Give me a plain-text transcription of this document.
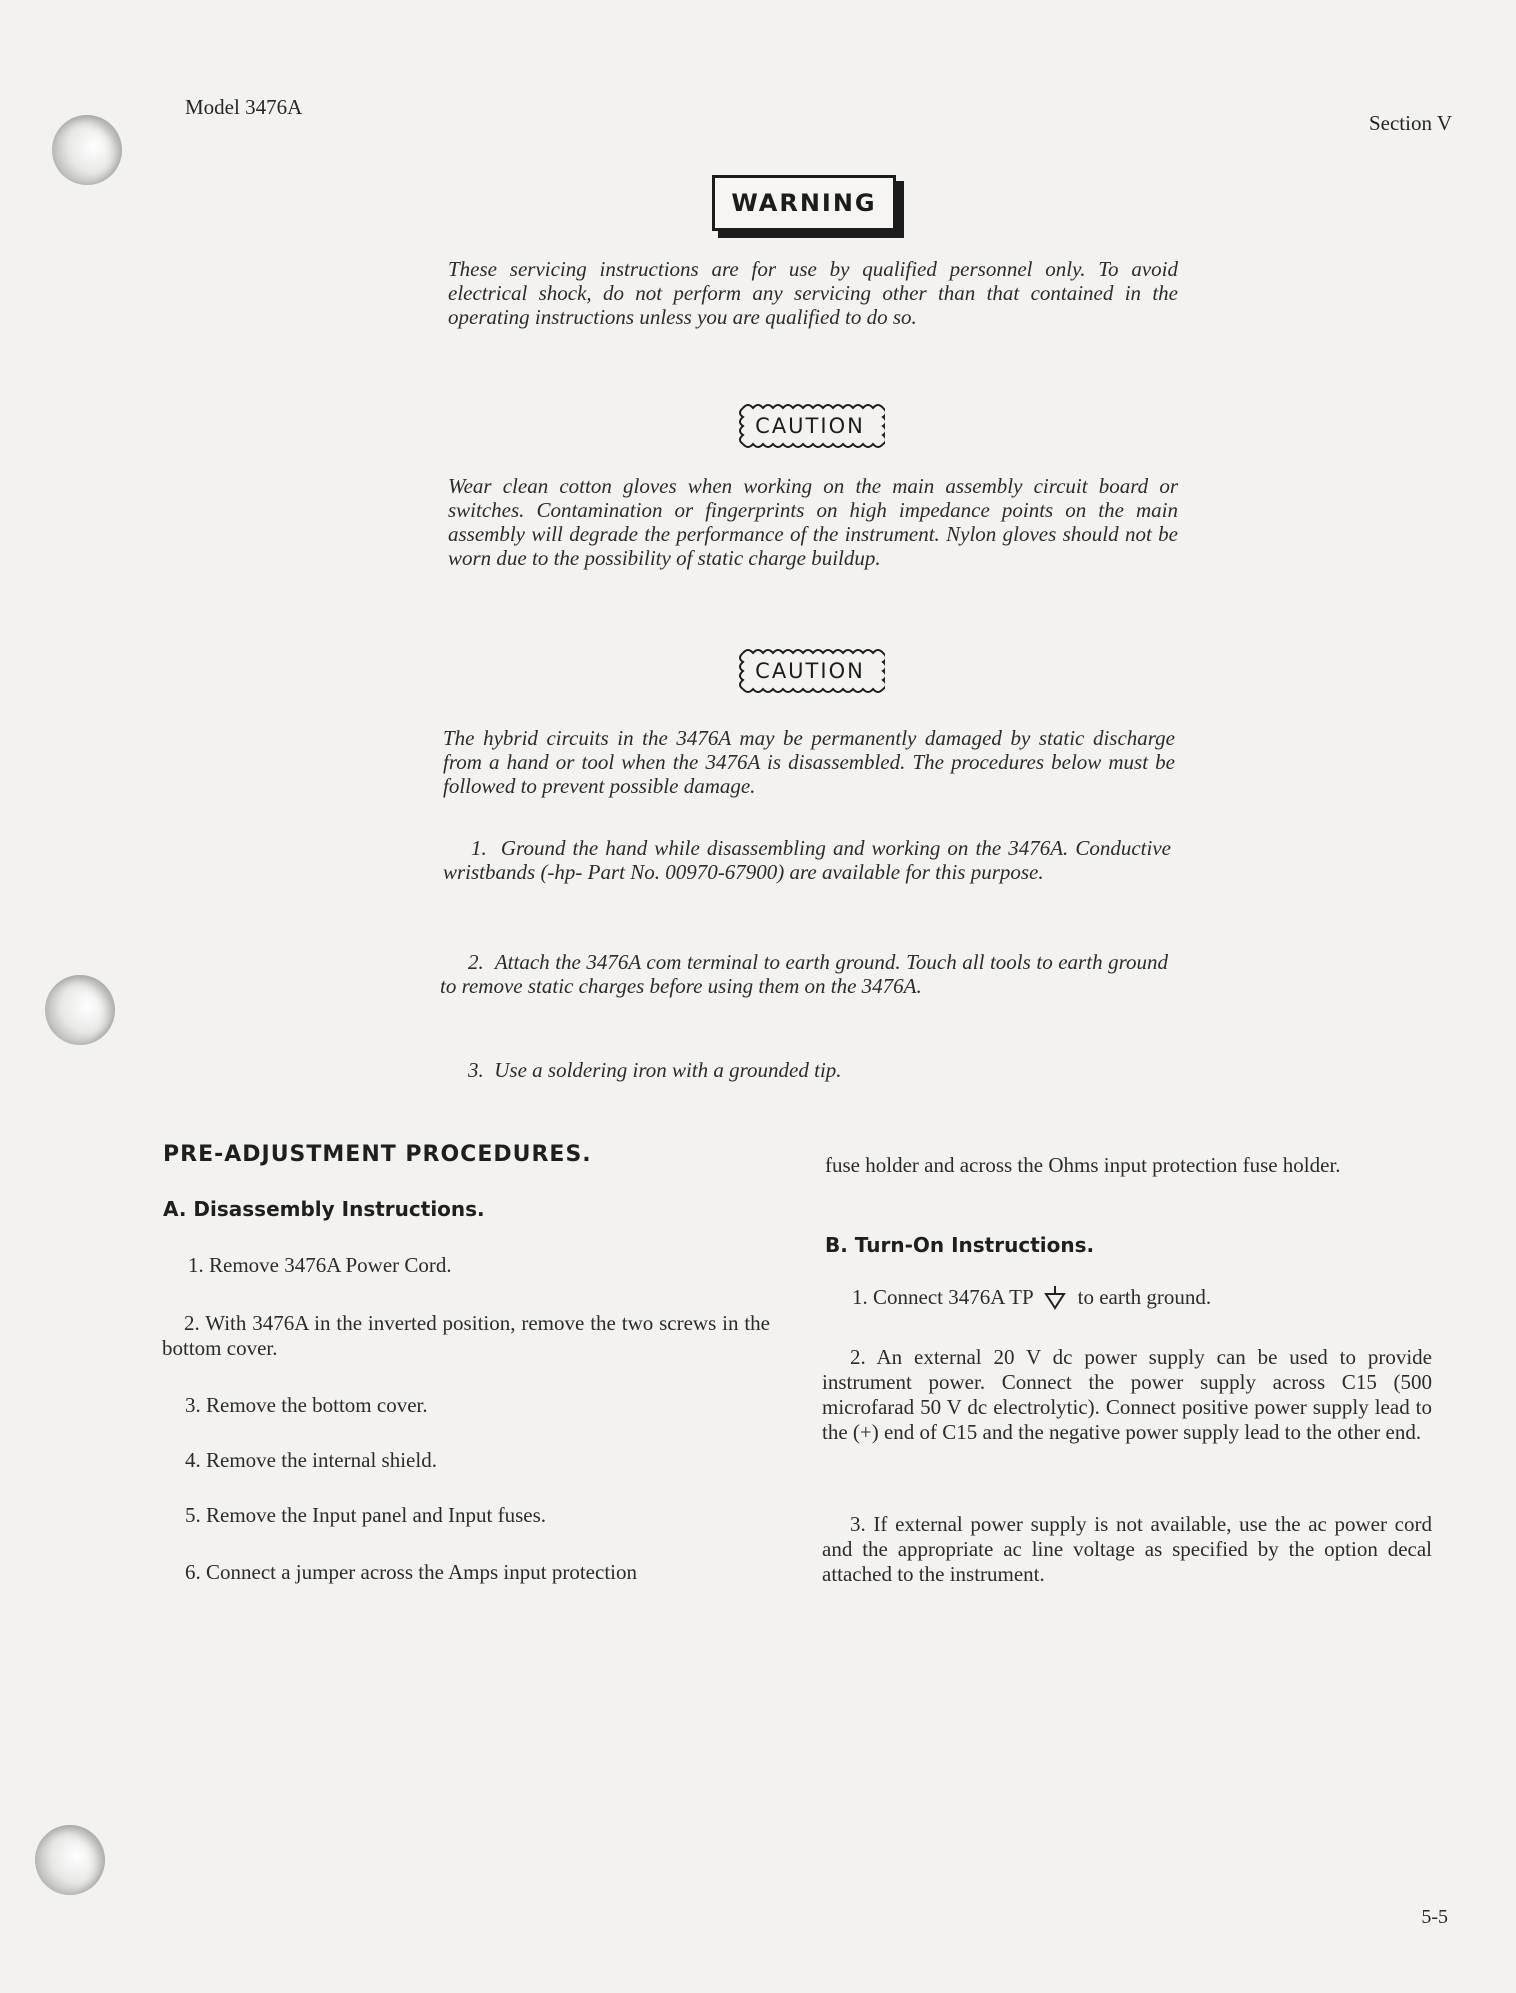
Model 3476A
Section V
WARNING
These servicing instructions are for use by qualified personnel only. To avoid electrical shock, do not perform any servicing other than that contained in the operating instructions unless you are qualified to do so.
CAUTION
Wear clean cotton gloves when working on the main assembly circuit board or switches. Contamination or fingerprints on high impedance points on the main assembly will degrade the performance of the instrument. Nylon gloves should not be worn due to the possibility of static charge buildup.
CAUTION
The hybrid circuits in the 3476A may be permanently damaged by static discharge from a hand or tool when the 3476A is disassembled. The procedures below must be followed to prevent possible damage.
1. Ground the hand while disassembling and working on the 3476A. Conductive wristbands (-hp- Part No. 00970-67900) are available for this purpose.
2. Attach the 3476A com terminal to earth ground. Touch all tools to earth ground to remove static charges before using them on the 3476A.
3. Use a soldering iron with a grounded tip.
PRE-ADJUSTMENT PROCEDURES.
A. Disassembly Instructions.
1. Remove 3476A Power Cord.
2. With 3476A in the inverted position, remove the two screws in the bottom cover.
3. Remove the bottom cover.
4. Remove the internal shield.
5. Remove the Input panel and Input fuses.
6. Connect a jumper across the Amps input protection
fuse holder and across the Ohms input protection fuse holder.
B. Turn-On Instructions.
1. Connect 3476A TP to earth ground.
2. An external 20 V dc power supply can be used to provide instrument power. Connect the power supply across C15 (500 microfarad 50 V dc electrolytic). Connect positive power supply lead to the (+) end of C15 and the negative power supply lead to the other end.
3. If external power supply is not available, use the ac power cord and the appropriate ac line voltage as specified by the option decal attached to the instrument.
5-5
